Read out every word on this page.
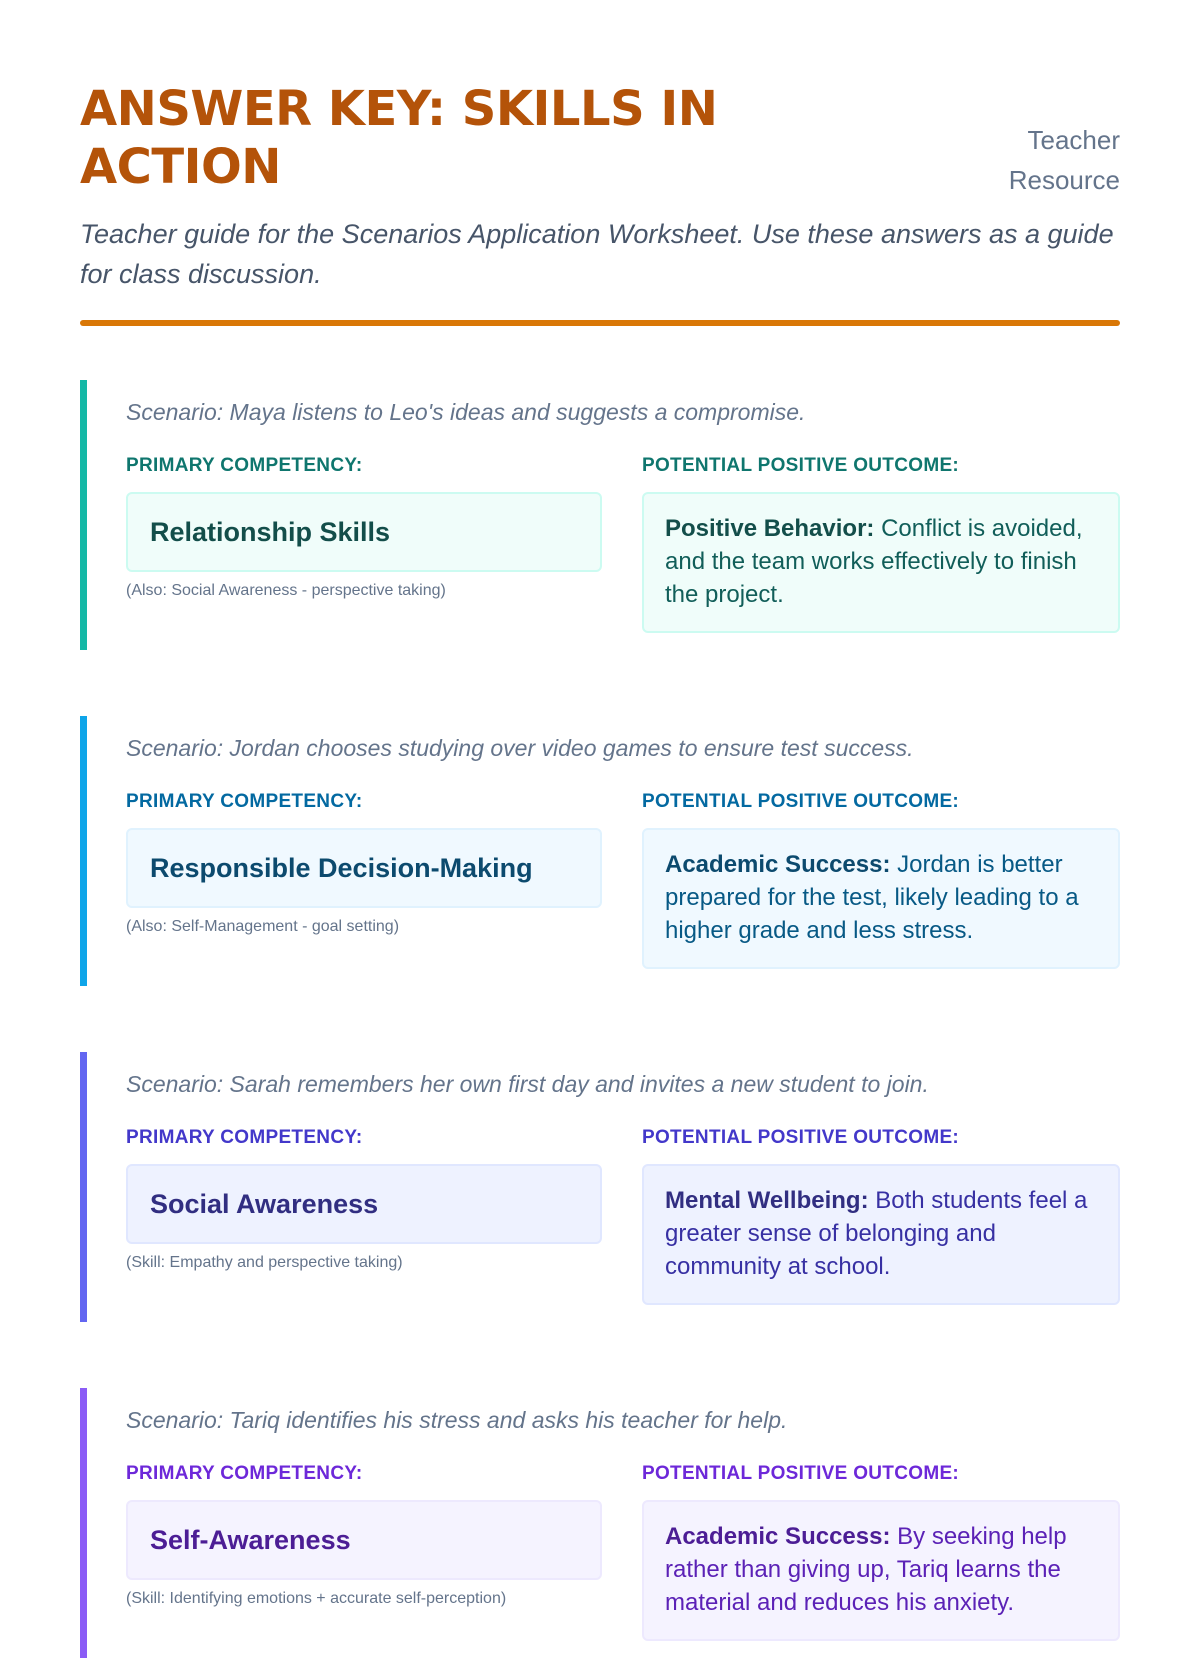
ANSWER KEY: SKILLS IN ACTION	Teacher Resource

Teacher guide for the Scenarios Application Worksheet. Use these answers as a guide for class discussion.

Scenario: Maya listens to Leo's ideas and suggests a compromise.
PRIMARY COMPETENCY:
Relationship Skills
(Also: Social Awareness - perspective taking)
POTENTIAL POSITIVE OUTCOME:
Positive Behavior: Conflict is avoided, and the team works effectively to finish the project.
Scenario: Jordan chooses studying over video games to ensure test success.
PRIMARY COMPETENCY:
Responsible Decision-Making
(Also: Self-Management - goal setting)
POTENTIAL POSITIVE OUTCOME:
Academic Success: Jordan is better prepared for the test, likely leading to a higher grade and less stress.
Scenario: Sarah remembers her own first day and invites a new student to join.
PRIMARY COMPETENCY:
Social Awareness
(Skill: Empathy and perspective taking)
POTENTIAL POSITIVE OUTCOME:
Mental Wellbeing: Both students feel a greater sense of belonging and community at school.
Scenario: Tariq identifies his stress and asks his teacher for help.
PRIMARY COMPETENCY:
Self-Awareness
(Skill: Identifying emotions + accurate self-perception)
POTENTIAL POSITIVE OUTCOME:
Academic Success: By seeking help rather than giving up, Tariq learns the material and reduces his anxiety.
